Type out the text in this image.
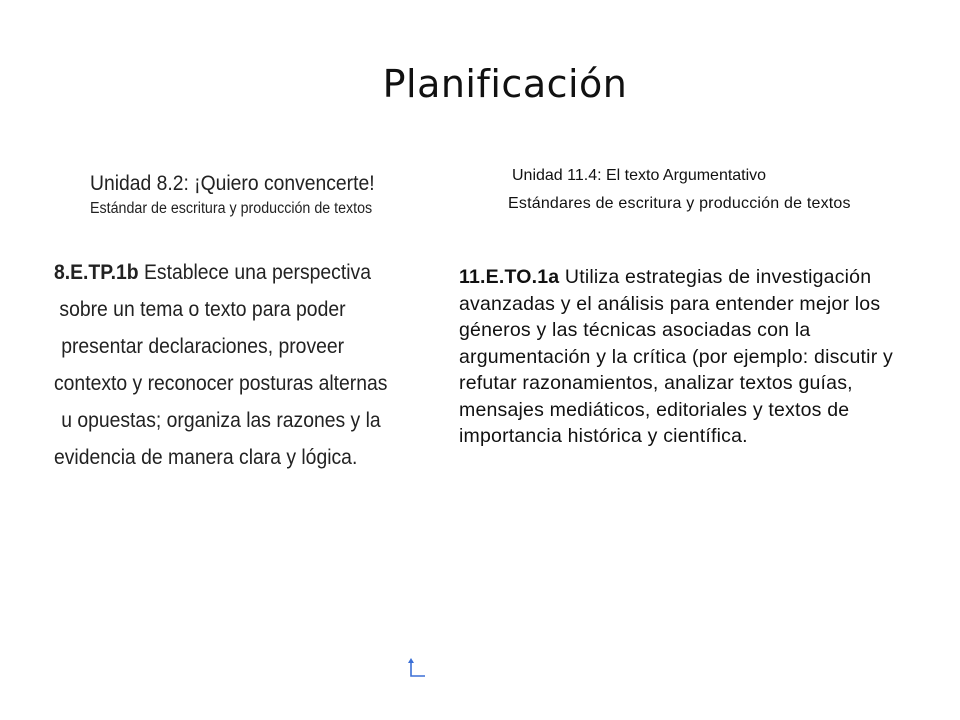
Planificación
Unidad 8.2: ¡Quiero convencerte!
Estándar de escritura y producción de textos
8.E.TP.1b Establece una perspectiva
sobre un tema o texto para poder
presentar declaraciones, proveer
contexto y reconocer posturas alternas
u opuestas; organiza las razones y la
evidencia de manera clara y lógica.
Unidad 11.4: El texto Argumentativo
Estándares de escritura y producción de textos
11.E.TO.1a Utiliza estrategias de investigación avanzadas y el análisis para entender mejor los géneros y las técnicas asociadas con la argumentación y la crítica (por ejemplo: discutir y refutar razonamientos, analizar textos guías, mensajes mediáticos, editoriales y textos de importancia histórica y científica.
